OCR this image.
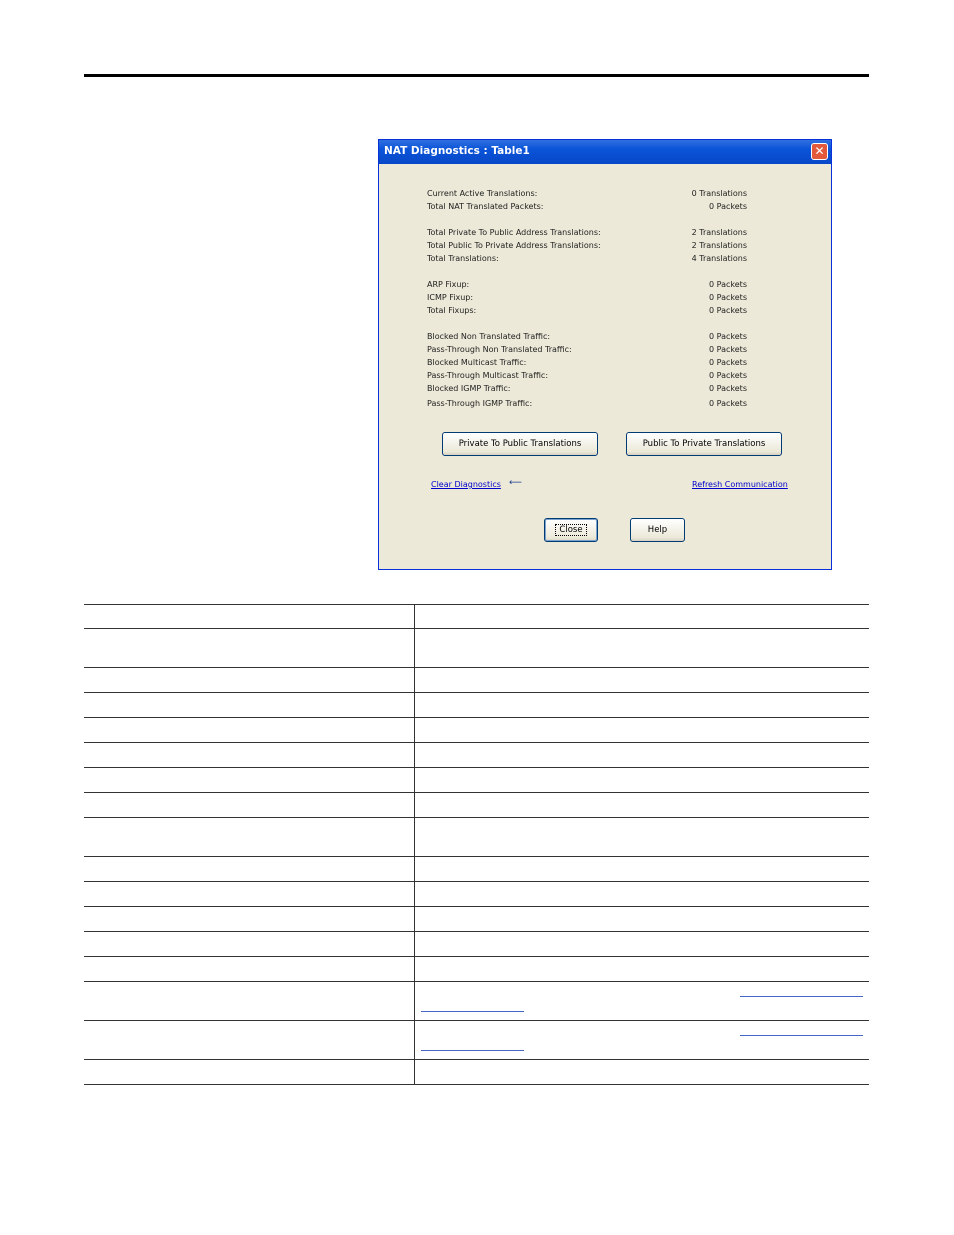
NAT Diagnostics : Table1	✕
Current Active Translations:	0 Translations
Total NAT Translated Packets:	0 Packets
Total Private To Public Address Translations:	2 Translations
Total Public To Private Address Translations:	2 Translations
Total Translations:	4 Translations
ARP Fixup:	0 Packets
ICMP Fixup:	0 Packets
Total Fixups:	0 Packets
Blocked Non Translated Traffic:	0 Packets
Pass-Through Non Translated Traffic:	0 Packets
Blocked Multicast Traffic:	0 Packets
Pass-Through Multicast Traffic:	0 Packets
Blocked IGMP Traffic:	0 Packets
Pass-Through IGMP Traffic:	0 Packets
Private To Public Translations	Public To Private Translations
Clear Diagnostics ⟵	Refresh Communication
Close	Help
